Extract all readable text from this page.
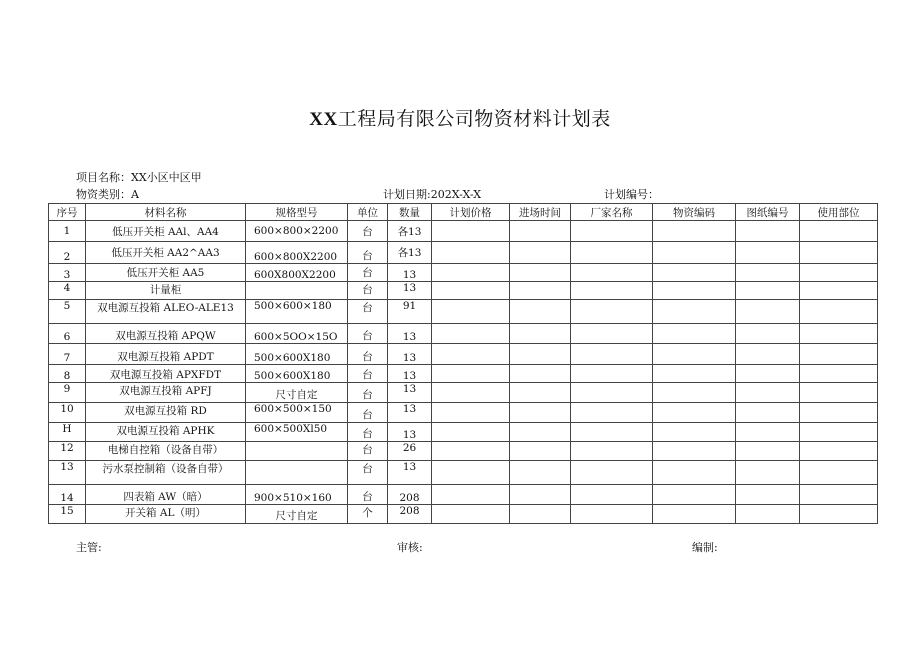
XX工程局有限公司物资材料计划表
项目名称：XX小区中区甲
物资类别：A	计划日期:202X-X-X	计划编号：
序号	材料名称	规格型号	单位	数量	计划价格	进场时间	厂家名称	物资编码	图纸编号	使用部位
1	低压开关柜 AAl、AA4	600×800×2200	台	各13						
2	低压开关柜 AA2^AA3	600×800X2200	台	各13						
3	低压开关柜 AA5	600X800X2200	台	13						
4	计量柜		台	13						
5	双电源互投箱 ALEO-ALE13	500×600×180	台	91						
6	双电源互投箱 APQW	600×5OO×15O	台	13						
7	双电源互投箱 APDT	500×600X180	台	13						
8	双电源互投箱 APXFDT	500×600X180	台	13						
9	双电源互投箱 APFJ	尺寸自定	台	13						
10	双电源互投箱 RD	600×500×150	台	13						
H	双电源互投箱 APHK	600×500Xl50	台	13						
12	电梯自控箱（设备自带）		台	26						
13	污水泵控制箱（设备自带）		台	13						
14	四表箱 AW（暗）	900×510×160	台	208						
15	开关箱 AL（明）	尺寸自定	个	208						
主管:	审核:	编制:
